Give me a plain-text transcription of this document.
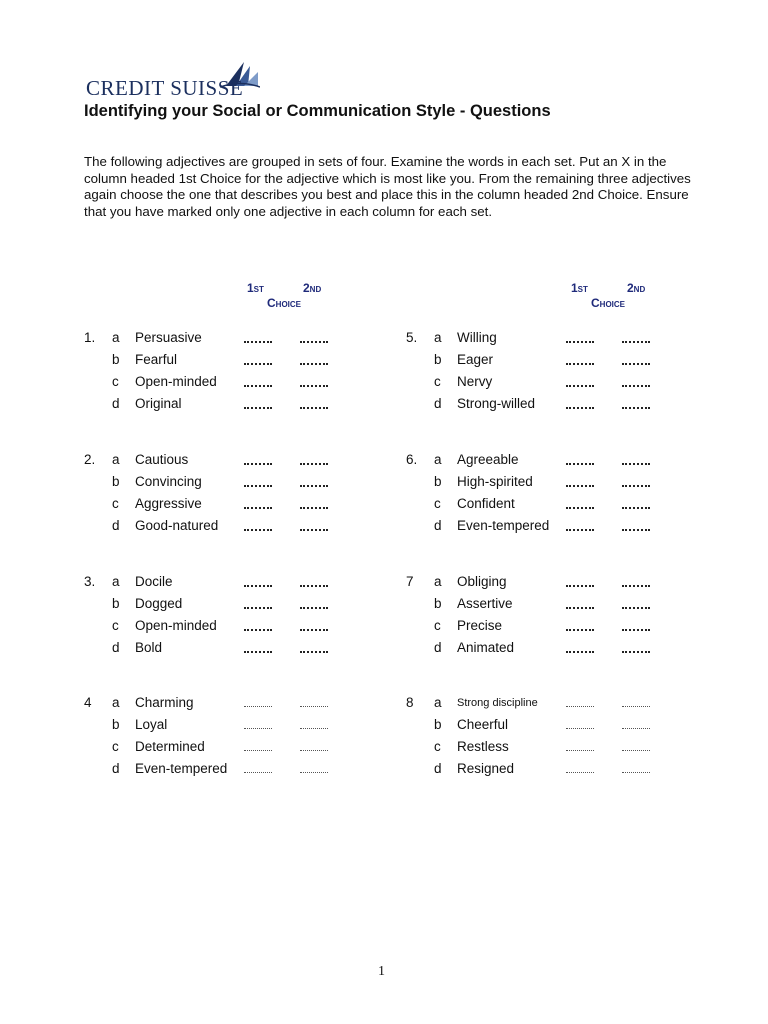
CREDIT SUISSE
Identifying your Social or Communication Style - Questions
The following adjectives are grouped in sets of four. Examine the words in each set. Put an X in the column headed 1st Choice for the adjective which is most like you. From the remaining three adjectives again choose the one that describes you best and place this in the column headed 2nd Choice. Ensure that you have marked only one adjective in each column for each set.
1st	2nd
Choice
1st	2nd
Choice
1. a Persuasive
b Fearful
c Open-minded
d Original
2. a Cautious
b Convincing
c Aggressive
d Good-natured
3. a Docile
b Dogged
c Open-minded
d Bold
4 a Charming
b Loyal
c Determined
d Even-tempered
5. a Willing
b Eager
c Nervy
d Strong-willed
6. a Agreeable
b High-spirited
c Confident
d Even-tempered
7 a Obliging
b Assertive
c Precise
d Animated
8 a Strong discipline
b Cheerful
c Restless
d Resigned
1
